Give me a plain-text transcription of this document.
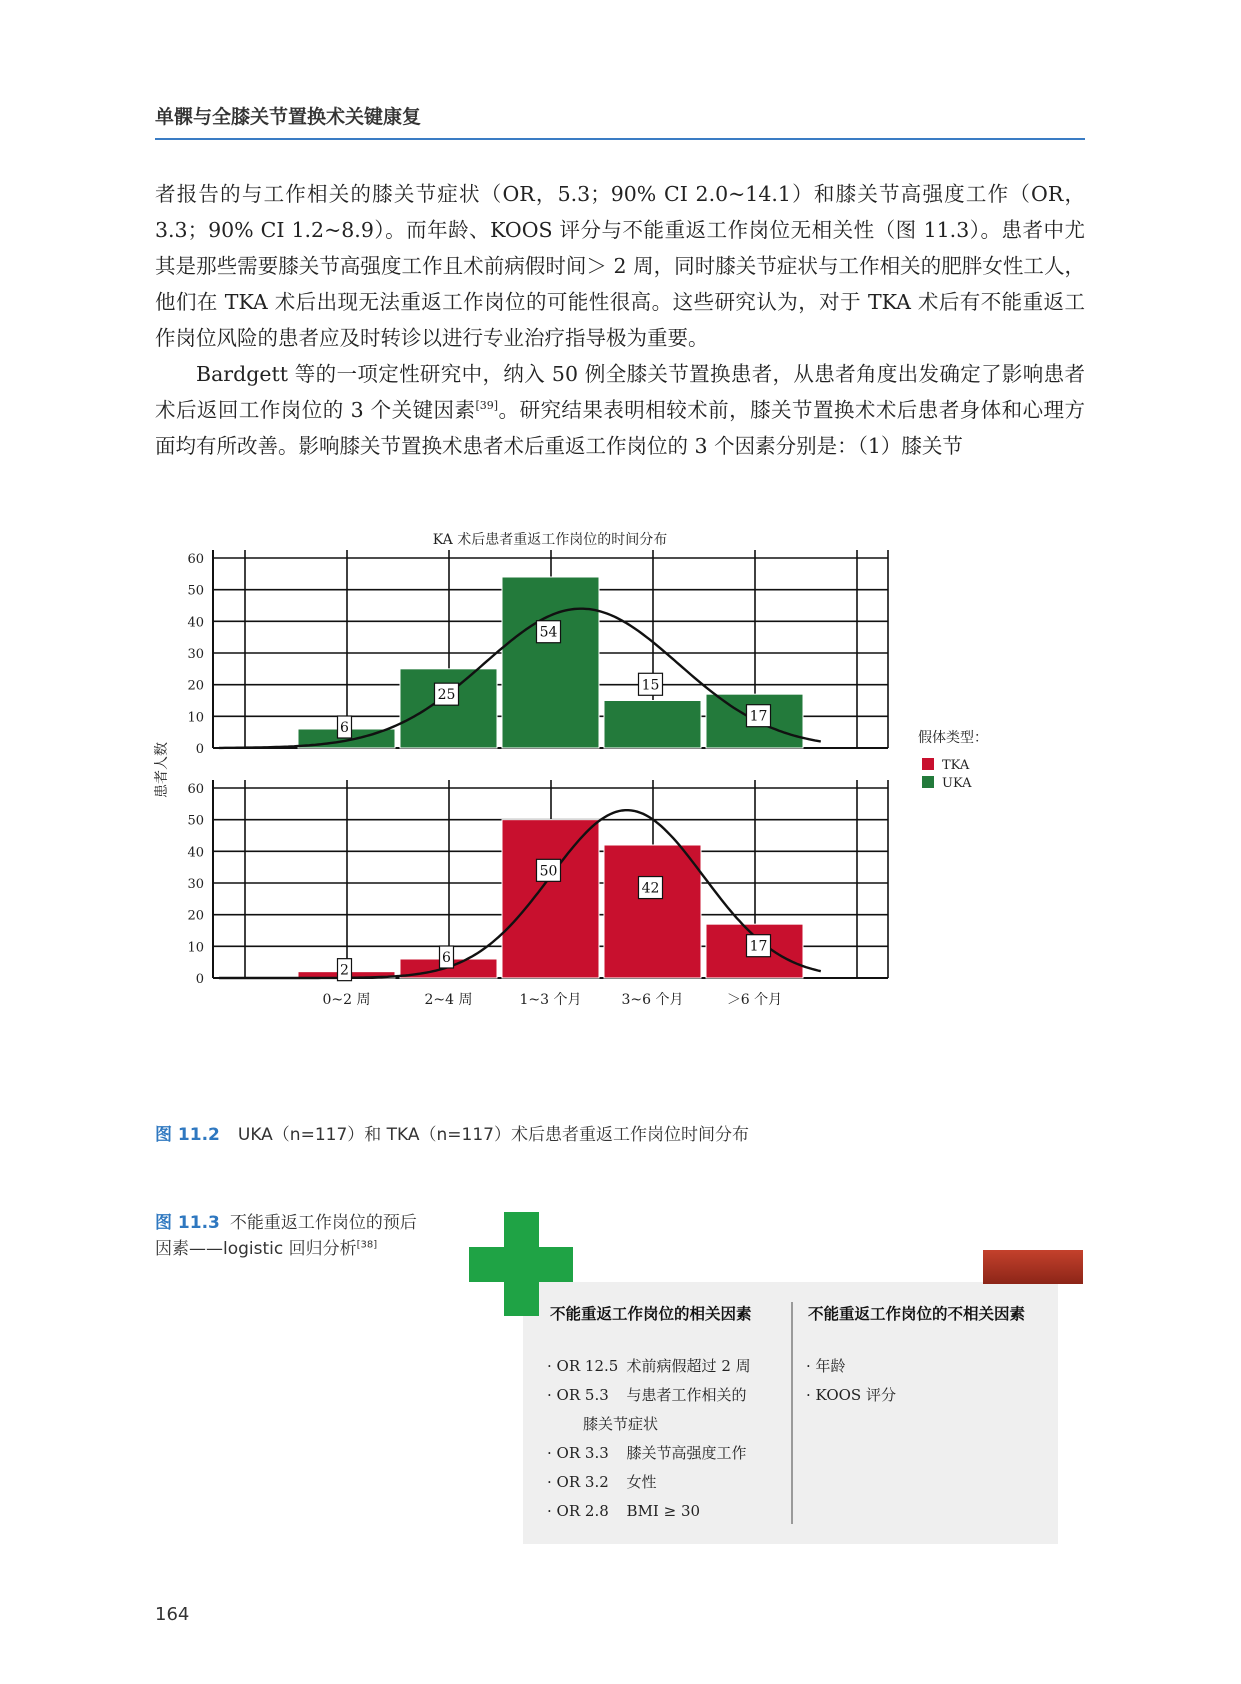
单髁与全膝关节置换术关键康复

者报告的与工作相关的膝关节症状（OR，5.3；90% CI 2.0~14.1）和膝关节高强度工作（OR，3.3；90% CI 1.2~8.9）。而年龄、KOOS 评分与不能重返工作岗位无相关性（图 11.3）。患者中尤其是那些需要膝关节高强度工作且术前病假时间＞ 2 周，同时膝关节症状与工作相关的肥胖女性工人，他们在 TKA 术后出现无法重返工作岗位的可能性很高。这些研究认为，对于 TKA 术后有不能重返工作岗位风险的患者应及时转诊以进行专业治疗指导极为重要。

Bardgett 等的一项定性研究中，纳入 50 例全膝关节置换患者，从患者角度出发确定了影响患者术后返回工作岗位的 3 个关键因素[39]。研究结果表明相较术前，膝关节置换术术后患者身体和心理方面均有所改善。影响膝关节置换术患者术后重返工作岗位的 3 个因素分别是：（1）膝关节

KA 术后患者重返工作岗位的时间分布
患者人数 0
10
20
30
40
50
60
6
25
54
15
17
0
10
20
30
40
50
60
2
6
50
42
17
0~2 周	2~4 周	1~3 个月	3~6 个月	＞6 个月
假体类型：
TKA
UKA
图 11.2 UKA（n=117）和 TKA（n=117）术后患者重返工作岗位时间分布
图 11.3 不能重返工作岗位的预后因素——logistic 回归分析[38]
不能重返工作岗位的相关因素
· OR 12.5 术前病假超过 2 周
· OR 5.3 与患者工作相关的
膝关节症状
· OR 3.3 膝关节高强度工作
· OR 3.2 女性
· OR 2.8 BMI ≥ 30
不能重返工作岗位的不相关因素
· 年龄
· KOOS 评分
164
